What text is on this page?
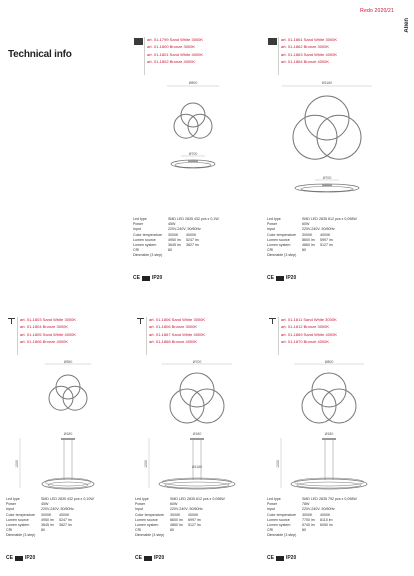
Redo 2020/21
Alien
Technical info
art. 01-1799 Sand White 3000K
art. 01-1800 Bronze 3000K
art. 01-1801 Sand White 4000K
art. 01-1802 Bronze 4000K
Ø800
Ø700
Led type	SMD LED 2835 432 pcs x 0,1W
Power	45W
Input	220V-240V, 50/60Hz
Color temperature	3000K	4000K
Lumen source	4950 lm	5247 lm
Lumen system	3645 lm	3827 lm
CRI	80
Dimmable (3 step)
CE IP20
art. 01-1861 Sand White 3000K
art. 01-1862 Bronze 3000K
art. 01-1863 Sand White 4000K
art. 01-1864 Bronze 4000K
Ø1160
Ø700
Led type	SMD LED 2835 612 pcs x 0,098W
Power	60W
Input	220V-240V, 50/60Hz
Color temperature	3000K	4000K
Lumen source	8600 lm	5997 lm
Lumen system	4860 lm	5127 lm
CRI	80
Dimmable (3 step)
CE IP20
art. 01-1803 Sand White 3000K
art. 01-1804 Bronze 3000K
art. 01-1805 Sand White 4000K
art. 01-1806 Bronze 4000K
Ø550
Ø180
1200
Led type	SMD LED 2835 432 pcs x 0,10W
Power	45W
Input	220V-240V, 50/60Hz
Color temperature	3000K	4000K
Lumen source	4950 lm	5247 lm
Lumen system	3645 lm	3827 lm
CRI	80
Dimmable (3 step)
CE IP20
art. 01-1806 Sand White 3000K
art. 01-1806 Bronze 3000K
art. 01-1867 Sand White 4000K
art. 01-1868 Bronze 4000K
Ø700
Ø180
1200	Ø1160
Led type	SMD LED 2835 612 pcs x 0,098W
Power	60W
Input	220V-240V, 50/60Hz
Color temperature	3000K	4000K
Lumen source	6600 lm	6997 lm
Lumen system	4860 lm	5127 lm
CRI	80
Dimmable (3 step)
CE IP20
art. 01-1811 Sand White 3000K
art. 01-1812 Bronze 3000K
art. 01-1869 Sand White 4000K
art. 01-1870 Bronze 4000K
Ø800
Ø180
1200
Led type	SMD LED 2835 792 pcs x 0,098W
Power	78W
Input	220V-240V, 50/60Hz
Color temperature	3000K	4000K
Lumen source	7700 lm	8115 lm
Lumen system	5740 lm	6050 lm
CRI	80
Dimmable (3 step)
CE IP20
